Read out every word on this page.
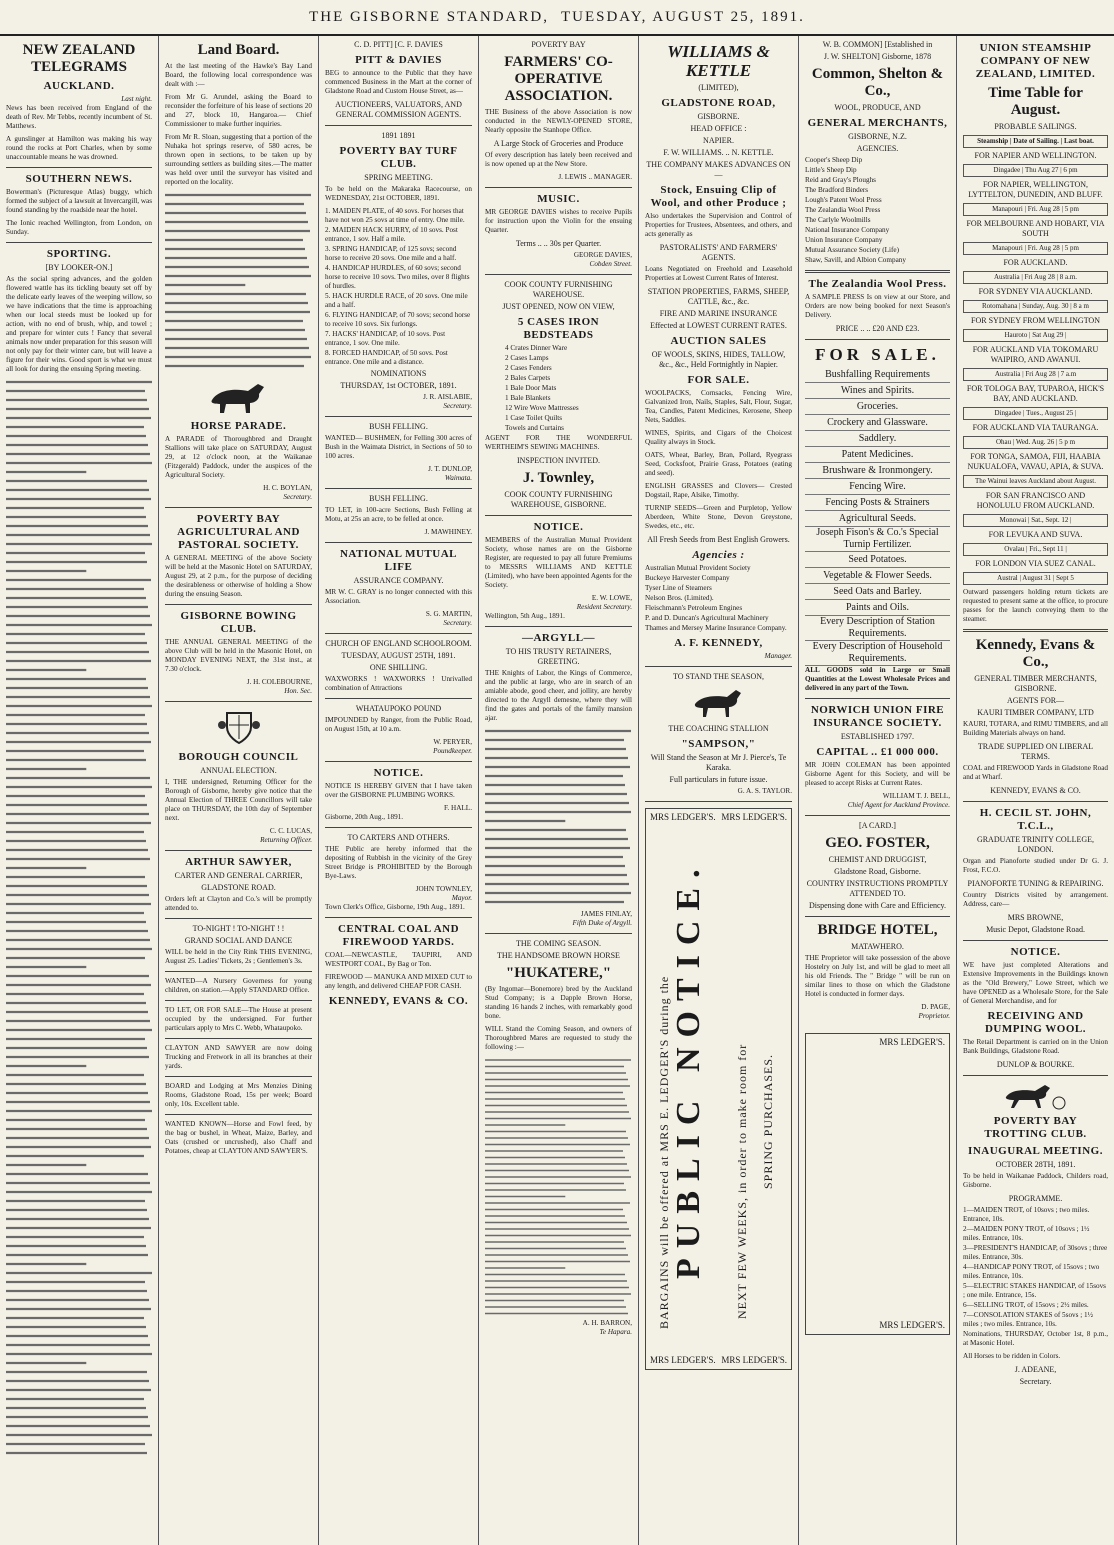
THE GISBORNE STANDARD, TUESDAY, AUGUST 25, 1891.
NEW ZEALAND TELEGRAMS
AUCKLAND.
Last night.

News has been received from England of the death of Rev. Mr Tebbs, recently incumbent of St. Matthews.

A gunslinger at Hamilton was making his way round the rocks at Port Charles, when by some unaccountable means he was drowned.

SOUTHERN NEWS.

Bowerman's (Picturesque Atlas) buggy, which formed the subject of a lawsuit at Invercargill, was found standing by the roadside near the hotel.

The Ionic reached Wellington, from London, on Sunday.

SPORTING.
[BY LOOKER-ON.]

As the social spring advances, and the golden flowered wattle has its tickling beauty set off by the delicate early leaves of the weeping willow, so we have indications that the time is approaching when our local steeds must be looked up for action, with no end of brush, whip, and towel ; and prepare for winter cuts ! Fancy that several animals now under preparation for this season will not only pay for their winter care, but will leave a figure for their wins. Good sport is what we must all look for during the ensuing Spring meeting.

Land Board.

At the last meeting of the Hawke's Bay Land Board, the following local correspondence was dealt with :—

From Mr G. Arundel, asking the Board to reconsider the forfeiture of his lease of sections 20 and 27, block 10, Hangaroa.— Chief Commissioner to make further inquiries.

From Mr R. Sloan, suggesting that a portion of the Nuhaka hot springs reserve, of 580 acres, be thrown open in sections, to be taken up by surrounding settlers as building sites.—The matter was held over until the surveyor has visited and reported on the locality.

HORSE PARADE.

A PARADE of Thoroughbred and Draught Stallions will take place on SATURDAY, August 29, at 12 o'clock noon, at the Waikanae (Fitzgerald) Paddock, under the auspices of the Agricultural Society.

H. C. BOYLAN,
Secretary.
POVERTY BAY AGRICULTURAL AND PASTORAL SOCIETY.

A GENERAL MEETING of the above Society will be held at the Masonic Hotel on SATURDAY, August 29, at 2 p.m., for the purpose of deciding the desirableness or otherwise of holding a Show during the ensuing Season.

GISBORNE BOWING CLUB.

THE ANNUAL GENERAL MEETING of the above Club will be held in the Masonic Hotel, on MONDAY EVENING NEXT, the 31st inst., at 7.30 o'clock.

J. H. COLEBOURNE,
Hon. Sec.
BOROUGH COUNCIL
ANNUAL ELECTION.

I, THE undersigned, Returning Officer for the Borough of Gisborne, hereby give notice that the Annual Election of THREE Councillors will take place on THURSDAY, the 10th day of September next.

C. C. LUCAS,
Returning Officer.
ARTHUR SAWYER,
CARTER AND GENERAL CARRIER,
GLADSTONE ROAD.

Orders left at Clayton and Co.'s will be promptly attended to.

TO-NIGHT ! TO-NIGHT ! !
GRAND SOCIAL AND DANCE

WILL be held in the City Rink THIS EVENING, August 25. Ladies' Tickets, 2s ; Gentlemen's 3s.

WANTED—A Nursery Governess for young children, on station.—Apply STANDARD Office.

TO LET, OR FOR SALE—The House at present occupied by the undersigned. For further particulars apply to Mrs C. Webb, Whataupoko.

CLAYTON AND SAWYER are now doing Trucking and Fretwork in all its branches at their yards.

BOARD and Lodging at Mrs Menzies Dining Rooms, Gladstone Road, 15s per week; Board only, 10s. Excellent table.

WANTED KNOWN—Horse and Fowl feed, by the bag or bushel, in Wheat, Maize, Barley, and Oats (crushed or uncrushed), also Chaff and Potatoes, cheap at CLAYTON AND SAWYER'S.

C. D. PITT] [C. F. DAVIES
PITT & DAVIES

BEG to announce to the Public that they have commenced Business in the Mart at the corner of Gladstone Road and Custom House Street, as—

AUCTIONEERS, VALUATORS, AND GENERAL COMMISSION AGENTS.
1891 1891
POVERTY BAY TURF CLUB.
SPRING MEETING.

To be held on the Makaraka Racecourse, on WEDNESDAY, 21st OCTOBER, 1891.

1. MAIDEN PLATE, of 40 sovs. For horses that have not won 25 sovs at time of entry. One mile.
2. MAIDEN HACK HURRY, of 10 sovs. Post entrance, 1 sov. Half a mile.
3. SPRING HANDICAP, of 125 sovs; second horse to receive 20 sovs. One mile and a half.
4. HANDICAP HURDLES, of 60 sovs; second horse to receive 10 sovs. Two miles, over 8 flights of hurdles.
5. HACK HURDLE RACE, of 20 sovs. One mile and a half.
6. FLYING HANDICAP, of 70 sovs; second horse to receive 10 sovs. Six furlongs.
7. HACKS' HANDICAP, of 10 sovs. Post entrance, 1 sov. One mile.
8. FORCED HANDICAP, of 50 sovs. Post entrance. One mile and a distance.
NOMINATIONS
THURSDAY, 1st OCTOBER, 1891.
J. R. AISLABIE,
Secretary.
BUSH FELLING.

WANTED— BUSHMEN, for Felling 300 acres of Bush in the Waimata District, in Sections of 50 to 100 acres.

J. T. DUNLOP,
Waimata.
BUSH FELLING.

TO LET, in 100-acre Sections, Bush Felling at Motu, at 25s an acre, to be felled at once.

J. MAWHINEY.
NATIONAL MUTUAL LIFE
ASSURANCE COMPANY.

MR W. C. GRAY is no longer connected with this Association.

S. G. MARTIN,
Secretary.
CHURCH OF ENGLAND SCHOOLROOM.
TUESDAY, AUGUST 25TH, 1891.
ONE SHILLING.

WAXWORKS ! WAXWORKS ! Unrivalled combination of Attractions

WHATAUPOKO POUND

IMPOUNDED by Ranger, from the Public Road, on August 15th, at 10 a.m.

W. PERYER,
Poundkeeper.
NOTICE.

NOTICE IS HEREBY GIVEN that I have taken over the GISBORNE PLUMBING WORKS.

F. HALL.
Gisborne, 20th Aug., 1891.
TO CARTERS AND OTHERS.

THE Public are hereby informed that the depositing of Rubbish in the vicinity of the Grey Street Bridge is PROHIBITED by the Borough Bye-Laws.

JOHN TOWNLEY,
Mayor.
Town Clerk's Office, Gisborne, 19th Aug., 1891.
CENTRAL COAL AND FIREWOOD YARDS.

COAL—NEWCASTLE, TAUPIRI, AND WESTPORT COAL, By Bag or Ton.

FIREWOOD — MANUKA AND MIXED CUT to any length, and delivered CHEAP FOR CASH.

KENNEDY, EVANS & CO.
POVERTY BAY
FARMERS' CO-OPERATIVE ASSOCIATION.

THE Business of the above Association is now conducted in the NEWLY-OPENED STORE, Nearly opposite the Stanhope Office.

A Large Stock of Groceries and Produce

Of every description has lately been received and is now opened up at the New Store.

J. LEWIS .. MANAGER.
MUSIC.

MR GEORGE DAVIES wishes to receive Pupils for instruction upon the Violin for the ensuing Quarter.

Terms .. .. 30s per Quarter.
GEORGE DAVIES,
Cobden Street.
COOK COUNTY FURNISHING WAREHOUSE.
JUST OPENED, NOW ON VIEW,
5 CASES IRON BEDSTEADS
4 Crates Dinner Ware
2 Cases Lamps
2 Cases Fenders
2 Bales Carpets
1 Bale Door Mats
1 Bale Blankets
12 Wire Wove Mattresses
1 Case Toilet Quilts
Towels and Curtains

AGENT FOR THE WONDERFUL WERTHEIM'S SEWING MACHINES.

INSPECTION INVITED.
J. Townley,
COOK COUNTY FURNISHING WAREHOUSE, GISBORNE.
NOTICE.

MEMBERS of the Australian Mutual Provident Society, whose names are on the Gisborne Register, are requested to pay all future Premiums to MESSRS WILLIAMS AND KETTLE (Limited), who have been appointed Agents for the Society.

E. W. LOWE,
Resident Secretary.
Wellington, 5th Aug., 1891.
—ARGYLL—
TO HIS TRUSTY RETAINERS, GREETING.

THE Knights of Labor, the Kings of Commerce, and the public at large, who are in search of an amiable abode, good cheer, and jollity, are hereby directed to the Argyll demesne, where they will find the gates and portals of the family mansion ajar.

JAMES FINLAY,
Fifth Duke of Argyll.
THE COMING SEASON.
THE HANDSOME BROWN HORSE
"HUKATERE,"

(By Ingomar—Bonemore) bred by the Auckland Stud Company; is a Dapple Brown Horse, standing 16 hands 2 inches, with remarkably good bone.

WILL Stand the Coming Season, and owners of Thoroughbred Mares are requested to study the following :—

A. H. BARRON,
Te Hapara.
WILLIAMS & KETTLE
(LIMITED),
GLADSTONE ROAD,
GISBORNE.
HEAD OFFICE :
NAPIER.
F. W. WILLIAMS. .. N. KETTLE.
THE COMPANY MAKES ADVANCES ON—
Stock, Ensuing Clip of Wool, and other Produce ;

Also undertakes the Supervision and Control of Properties for Trustees, Absentees, and others, and acts generally as

PASTORALISTS' AND FARMERS' AGENTS.

Loans Negotiated on Freehold and Leasehold Properties at Lowest Current Rates of Interest.

STATION PROPERTIES, FARMS, SHEEP, CATTLE, &c., &c.
FIRE AND MARINE INSURANCE
Effected at LOWEST CURRENT RATES.
AUCTION SALES
OF WOOLS, SKINS, HIDES, TALLOW, &c., &c., Held Fortnightly in Napier.
FOR SALE.

WOOLPACKS, Cornsacks, Fencing Wire, Galvanized Iron, Nails, Staples, Salt, Flour, Sugar, Tea, Candles, Patent Medicines, Kerosene, Sheep Nets, Saddles.

WINES, Spirits, and Cigars of the Choicest Quality always in Stock.

OATS, Wheat, Barley, Bran, Pollard, Ryegrass Seed, Cocksfoot, Prairie Grass, Potatoes (eating and seed).

ENGLISH GRASSES and Clovers— Crested Dogstail, Rape, Alsike, Timothy.

TURNIP SEEDS—Green and Purpletop, Yellow Aberdeen, White Stone, Devon Greystone, Swedes, etc., etc.

All Fresh Seeds from Best English Growers.
Agencies :
Australian Mutual Provident Society
Buckeye Harvester Company
Tyser Line of Steamers
Nelson Bros. (Limited).
Fleischmann's Petroleum Engines
P. and D. Duncan's Agricultural Machinery
Thames and Mersey Marine Insurance Company.
A. F. KENNEDY,
Manager.
TO STAND THE SEASON,
THE COACHING STALLION
"SAMPSON,"
Will Stand the Season at Mr J. Pierce's, Te Karaka.
Full particulars in future issue.
G. A. S. TAYLOR.
MRS LEDGER'S. MRS LEDGER'S.
MRS LEDGER'S. MRS LEDGER'S.
PUBLIC NOTICE.
BARGAINS will be offered at MRS E. LEDGER'S during the	NEXT FEW WEEKS, in order to make room for SPRING PURCHASES.
W. B. COMMON] [Established in
J. W. SHELTON] Gisborne, 1878
Common, Shelton & Co.,
WOOL, PRODUCE, AND
GENERAL MERCHANTS,
GISBORNE, N.Z.
AGENCIES.
Cooper's Sheep Dip
Little's Sheep Dip
Reid and Gray's Ploughs
The Bradford Binders
Lough's Patent Wool Press
The Zealandia Wool Press
The Carlyle Woolmills
National Insurance Company
Union Insurance Company
Mutual Assurance Society (Life)
Shaw, Savill, and Albion Company
The Zealandia Wool Press.

A SAMPLE PRESS Is on view at our Store, and Orders are now being booked for next Season's Delivery.

PRICE .. .. £20 AND £23.
FOR SALE.
Bushfalling Requirements
Wines and Spirits.
Groceries.
Crockery and Glassware.
Saddlery.
Patent Medicines.
Brushware & Ironmongery.
Fencing Wire.
Fencing Posts & Strainers
Agricultural Seeds.
Joseph Fison's & Co.'s Special Turnip Fertilizer.
Seed Potatoes.
Vegetable & Flower Seeds.
Seed Oats and Barley.
Paints and Oils.
Every Description of Station Requirements.
Every Description of Household Requirements.

ALL GOODS sold in Large or Small Quantities at the Lowest Wholesale Prices and delivered in any part of the Town.

NORWICH UNION FIRE INSURANCE SOCIETY.
ESTABLISHED 1797.
CAPITAL .. £1 000 000.

MR JOHN COLEMAN has been appointed Gisborne Agent for this Society, and will be pleased to accept Risks at Current Rates.

WILLIAM T. J. BELL,
Chief Agent for Auckland Province.
[A CARD.]
GEO. FOSTER,
CHEMIST AND DRUGGIST,
Gladstone Road, Gisborne.
COUNTRY INSTRUCTIONS PROMPTLY ATTENDED TO.
Dispensing done with Care and Efficiency.
BRIDGE HOTEL,
MATAWHERO.

THE Proprietor will take possession of the above Hostelry on July 1st, and will be glad to meet all his old Friends. The " Bridge " will be run on similar lines to those on which the Gladstone Hotel is conducted in former days.

D. PAGE,
Proprietor.
MRS LEDGER'S.
MRS LEDGER'S.
UNION STEAMSHIP COMPANY OF NEW ZEALAND, LIMITED.
Time Table for August.
PROBABLE SAILINGS.
Steamship | Date of Sailing. | Last boat.
FOR NAPIER AND WELLINGTON.
Dingadee | Thu Aug 27 | 6 pm
FOR NAPIER, WELLINGTON, LYTTELTON, DUNEDIN, AND BLUFF.
Manapouri | Fri. Aug 28 | 5 pm
FOR MELBOURNE AND HOBART, VIA SOUTH
Manapouri | Fri. Aug 28 | 5 pm
FOR AUCKLAND.
Australia | Fri Aug 28 | 8 a.m.
FOR SYDNEY VIA AUCKLAND.
Rotomahana | Sunday, Aug. 30 | 8 a m
FOR SYDNEY FROM WELLINGTON
Hauroto | Sat Aug 29 |
FOR AUCKLAND VIA TOKOMARU WAIPIRO, AND AWANUI.
Australia | Fri Aug 28 | 7 a.m
FOR TOLOGA BAY, TUPAROA, HICK'S BAY, AND AUCKLAND.
Dingadee | Tues., August 25 |
FOR AUCKLAND VIA TAURANGA.
Ohau | Wed. Aug. 26 | 5 p m
FOR TONGA, SAMOA, FIJI, HAABIA NUKUALOFA, VAVAU, APIA, & SUVA.
The Wainui leaves Auckland about August.
FOR SAN FRANCISCO AND HONOLULU FROM AUCKLAND.
Monowai | Sat., Sept. 12 |
FOR LEVUKA AND SUVA.
Ovalau | Fri., Sept 11 |
FOR LONDON VIA SUEZ CANAL.
Austral | August 31 | Sept 5

Outward passengers holding return tickets are requested to present same at the office, to procure passes for the launch conveying them to the steamer.

Kennedy, Evans & Co.,
GENERAL TIMBER MERCHANTS, GISBORNE.
AGENTS FOR—
KAURI TIMBER COMPANY, LTD

KAURI, TOTARA, and RIMU TIMBERS, and all Building Materials always on hand.

TRADE SUPPLIED ON LIBERAL TERMS.

COAL and FIREWOOD Yards in Gladstone Road and at Wharf.

KENNEDY, EVANS & CO.
H. CECIL ST. JOHN, T.C.L.,
GRADUATE TRINITY COLLEGE, LONDON.

Organ and Pianoforte studied under Dr G. J. Frost, F.C.O.

PIANOFORTE TUNING & REPAIRING.

Country Districts visited by arrangement. Address, care—

MRS BROWNE,
Music Depot, Gladstone Road.
NOTICE.

WE have just completed Alterations and Extensive Improvements in the Buildings known as the "Old Brewery," Lowe Street, which we have OPENED as a Wholesale Store, for the Sale of General Merchandise, and for

RECEIVING AND DUMPING WOOL.

The Retail Department is carried on in the Union Bank Buildings, Gladstone Road.

DUNLOP & BOURKE.
POVERTY BAY TROTTING CLUB.
INAUGURAL MEETING.
OCTOBER 28TH, 1891.

To be held in Waikanae Paddock, Childers road, Gisborne.

PROGRAMME.
1—MAIDEN TROT, of 10sovs ; two miles. Entrance, 10s.
2—MAIDEN PONY TROT, of 10sovs ; 1½ miles. Entrance, 10s.
3—PRESIDENT'S HANDICAP, of 30sovs ; three miles. Entrance, 30s.
4—HANDICAP PONY TROT, of 15sovs ; two miles. Entrance, 10s.
5—ELECTRIC STAKES HANDICAP, of 15sovs ; one mile. Entrance, 15s.
6—SELLING TROT, of 15sovs ; 2½ miles.
7—CONSOLATION STAKES of 5sovs ; 1½ miles ; two miles. Entrance, 10s.

Nominations, THURSDAY, October 1st, 8 p.m., at Masonic Hotel.

All Horses to be ridden in Colors.

J. ADEANE,
Secretary.
